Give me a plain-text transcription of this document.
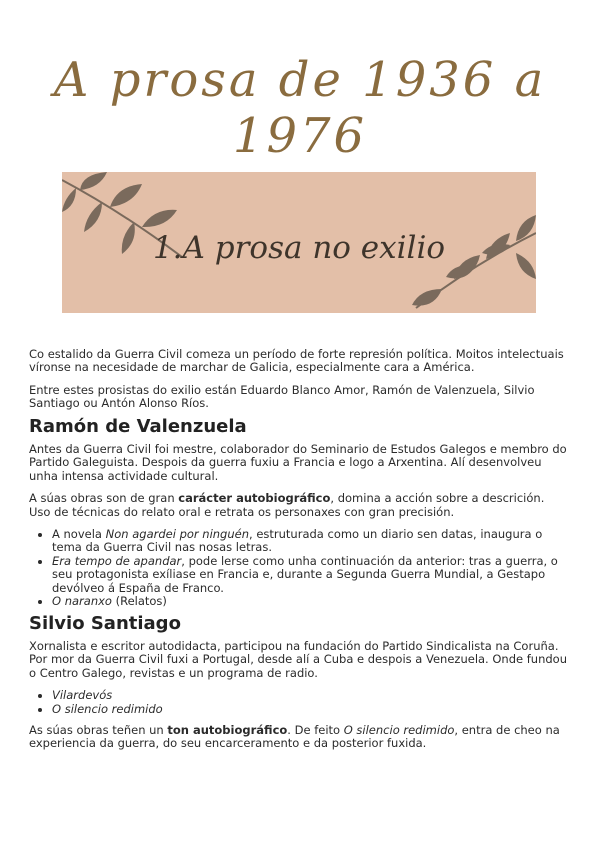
A prosa de 1936 a 1976
1.A prosa no exilio

Co estalido da Guerra Civil comeza un período de forte represión política. Moitos intelectuais víronse na necesidade de marchar de Galicia, especialmente cara a América.

Entre estes prosistas do exilio están Eduardo Blanco Amor, Ramón de Valenzuela, Silvio Santiago ou Antón Alonso Ríos.

Ramón de Valenzuela

Antes da Guerra Civil foi mestre, colaborador do Seminario de Estudos Galegos e membro do Partido Galeguista. Despois da guerra fuxiu a Francia e logo a Arxentina. Alí desenvolveu unha intensa actividade cultural.

A súas obras son de gran carácter autobiográfico, domina a acción sobre a descrición. Uso de técnicas do relato oral e retrata os personaxes con gran precisión.

• A novela Non agardei por ninguén, estruturada como un diario sen datas, inaugura o tema da Guerra Civil nas nosas letras.
• Era tempo de apandar, pode lerse como unha continuación da anterior: tras a guerra, o seu protagonista exíliase en Francia e, durante a Segunda Guerra Mundial, a Gestapo devólveo á España de Franco.
• O naranxo (Relatos)
Silvio Santiago

Xornalista e escritor autodidacta, participou na fundación do Partido Sindicalista na Coruña. Por mor da Guerra Civil fuxi a Portugal, desde alí a Cuba e despois a Venezuela. Onde fundou o Centro Galego, revistas e un programa de radio.

• Vilardevós
• O silencio redimido

As súas obras teñen un ton autobiográfico. De feito O silencio redimido, entra de cheo na experiencia da guerra, do seu encarceramento e da posterior fuxida.
